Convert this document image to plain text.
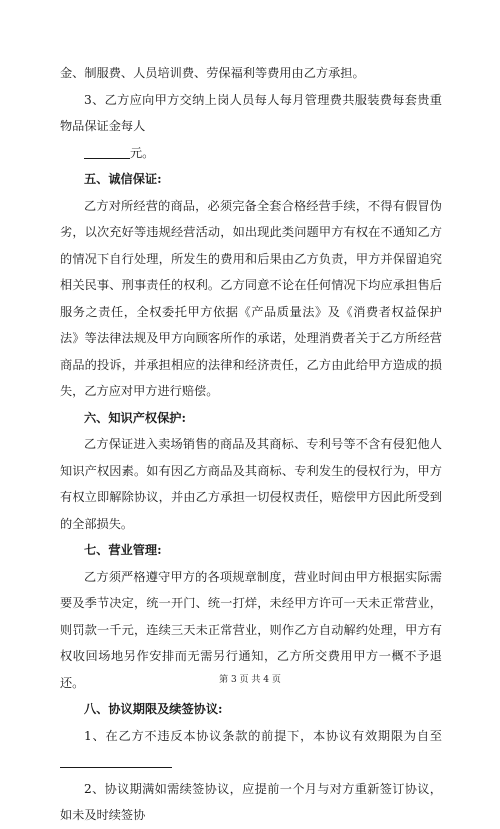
金、制服费、人员培训费、劳保福利等费用由乙方承担。

3、乙方应向甲方交纳上岗人员每人每月管理费共服装费每套贵重物品保证金每人
元。

五、诚信保证:

乙方对所经营的商品，必须完备全套合格经营手续，不得有假冒伪劣，以次充好等违规经营活动，如出现此类问题甲方有权在不通知乙方的情况下自行处理，所发生的费用和后果由乙方负责，甲方并保留追究相关民事、刑事责任的权利。乙方同意不论在任何情况下均应承担售后服务之责任，全权委托甲方依据《产品质量法》及《消费者权益保护法》等法律法规及甲方向顾客所作的承诺，处理消费者关于乙方所经营商品的投诉，并承担相应的法律和经济责任，乙方由此给甲方造成的损失，乙方应对甲方进行赔偿。

六、知识产权保护:

乙方保证进入卖场销售的商品及其商标、专利号等不含有侵犯他人知识产权因素。如有因乙方商品及其商标、专利发生的侵权行为，甲方有权立即解除协议，并由乙方承担一切侵权责任，赔偿甲方因此所受到的全部损失。

七、营业管理:

乙方须严格遵守甲方的各项规章制度，营业时间由甲方根据实际需要及季节决定，统一开门、统一打烊，未经甲方许可一天未正常营业，则罚款一千元，连续三天未正常营业，则作乙方自动解约处理，甲方有权收回场地另作安排而无需另行通知，乙方所交费用甲方一概不予退还。

八、协议期限及续签协议:

1、在乙方不违反本协议条款的前提下，本协议有效期限为自至

2、协议期满如需续签协议，应提前一个月与对方重新签订协议，如未及时续签协

第 3 页 共 4 页
